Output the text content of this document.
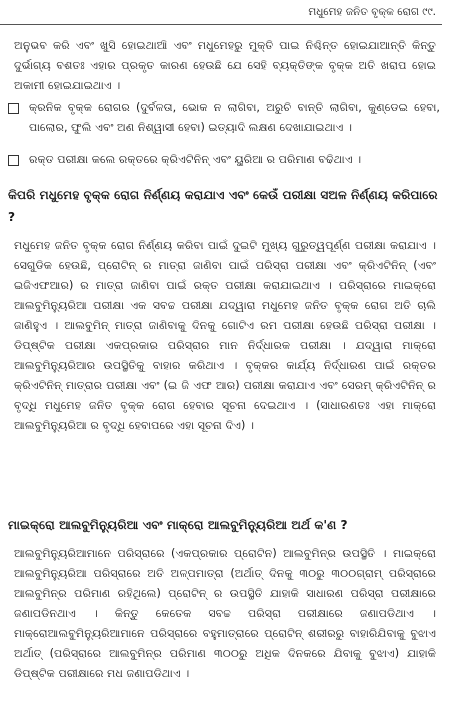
ମଧୁମେହ ଜନିତ ବୃକ୍କ ରୋଗ ୯୯.
ଅନୁଭବ କରି ଏବଂ ଖୁସି ହୋଇଥାଆି ଏବଂ ମଧୁମେହରୁ ମୁକ୍ତି ପାଇ ନିଶ୍ଚିନ୍ତ ହୋଇଯାଆନ୍ତି କିନ୍ତୁ ଦୁର୍ଭାଗ୍ୟ ବଶତଃ ଏହାର ପ୍ରକୃତ କାରଣ ହେଉଛି ଯେ ସେହି ବ୍ୟକ୍ତିଙ୍କ ବୃକ୍କ ଅତି ଖରାପ ହୋଇ ଅକାମୀ ହୋଇଯାଇଥାଏ ।
କ୍ରନିକ ବୃକ୍କ ରୋଗର (ଦୁର୍ବଳତା, ଭୋକ ନ ଲାଗିବା, ଅରୁଚି ବାନ୍ତି ଲାଗିବା, କୁଣ୍ଡେଇ ହେବା, ପାଲୋର, ଫୁଲି ଏବଂ ଅଣ ନିଶ୍ୱାସୀ ହେବା) ଇତ୍ୟାଦି ଲକ୍ଷଣ ଦେଖାଯାଇଥାଏ ।
ରକ୍ତ ପରୀକ୍ଷା କଲେ ରକ୍ତରେ କ୍ରିଏଟିନିନ୍ ଏବଂ ୟୁରିଆ ର ପରିମାଣ ବଢିଥାଏ ।
କିପରି ମଧୁମେହ ବୃକ୍କ ରୋଗ ନିର୍ଣ୍ଣୟ କରାଯାଏ ଏବଂ କେଉଁ ପରୀକ୍ଷା ସଅଳ ନିର୍ଣ୍ଣୟ କରିପାରେ ?
ମଧୁମେହ ଜନିତ ବୃକ୍କ ରୋଗ ନିର୍ଣ୍ଣୟ କରିବା ପାଇଁ ଦୁଇଟି ମୁଖ୍ୟ ଗୁରୁତ୍ୱପୂର୍ଣ୍ଣ ପରୀକ୍ଷା କରାଯାଏ । ସେଗୁଡିକ ହେଉଛି, ପ୍ରୋଟିନ୍ ର ମାତ୍ରା ଜାଣିବା ପାଇଁ ପରିସ୍ରା ପରୀକ୍ଷା ଏବଂ କ୍ରିଏଟିନିନ୍ (ଏବଂ ଇଜିଏଫଆର) ର ମାତ୍ରା ଜାଣିବା ପାଇଁ ରକ୍ତ ପରୀକ୍ଷା କରାଯାଇଥାଏ । ପରିସ୍ରାରେ ମାଇକ୍ରୋ ଆଲବୁମିନ୍ୟୁରିଆ ପରୀକ୍ଷା ଏକ ସବଚ୍ଚ ପରୀକ୍ଷା ଯଦ୍ୱାରା ମଧୁମେହ ଜନିତ ବୃକ୍କ ରୋଗ ଅତି ଚାଲି ଜାଣିହୁଏ । ଆଲବୁମିନ୍ ମାତ୍ରା ଜାଣିବାକୁ ଦିନକୁ ଗୋଟିଏ ରମ ପରୀକ୍ଷା ହେଉଛି ପରିସ୍ରା ପରୀକ୍ଷା । ଡିପ୍‌ଷ୍ଟିକ ପରୀକ୍ଷା ଏକପ୍ରକାର ପରିସ୍ରାର ମାନ ନିର୍ଦ୍ଧାରକ ପରୀକ୍ଷା । ଯଦ୍ୱାରା ମାକ୍ରୋ ଆଲବୁମିନ୍ୟୁରିଆର ଉପସ୍ଥିତିକୁ ବାହାର କରିଥାଏ । ବୃକ୍କର କାର୍ଯ୍ୟ ନିର୍ଦ୍ଧାରଣ ପାଇଁ ରକ୍ତର କ୍ରିଏଟିନିନ୍ ମାତ୍ରାର ପରୀକ୍ଷା ଏବଂ (ଇ ଜି ଏଫ ଆର) ପରୀକ୍ଷା କରାଯାଏ ଏବଂ ସେରମ୍ କ୍ରିଏଟିନିନ୍ ର ବୃଦ୍ଧି ମଧୁମେହ ଜନିତ ବୃକ୍କ ରୋଗ ହେବାର ସୂଚନା ଦେଇଥାଏ । (ସାଧାରଣତଃ ଏହା ମାକ୍ରୋ ଆଲବୁମିନ୍ୟୁରିଆ ର ବୃଦ୍ଧି ହେବାପରେ ଏହା ସୂଚନା ଦିଏ) ।
ମାଇକ୍ରୋ ଆଲବୁମିନ୍ୟୁରିଆ ଏବଂ ମାକ୍ରୋ ଆଲବୁମିନ୍ୟୁରିଆ ଅର୍ଥ କ'ଣ ?
ଆଲବୁମିନ୍ୟୁରିଆମାନେ ପରିସ୍ରାରେ (ଏକପ୍ରକାର ପ୍ରୋଟିନ) ଆଲବୁମିନ୍‌ର ଉପସ୍ଥିତି । ମାଇକ୍ରୋ ଆଲବୁମିନ୍ୟୁରିଆ ପରିସ୍ରାରେ ଅତି ଅଳ୍ପମାତ୍ରା (ଅର୍ଥାତ୍ ଦିନକୁ ୩୦ରୁ ୩୦୦ଗ୍ରାମ୍ ପରିସ୍ରାରେ ଆଲବୁମିନ୍‌ର ପରିମାଣ ରହିଥିଲେ) ପ୍ରୋଟିନ୍ ର ଉପସ୍ଥିତି ଯାହାକି ସାଧାରଣ ପରିସ୍ରା ପରୀକ୍ଷାରେ ଜଣାପଡିନଥାଏ । କିନ୍ତୁ କେତେକ ସବଚ୍ଚ ପରିସ୍ରା ପରୀକ୍ଷାରେ ଜଣାପଡିଥାଏ । ମାକ୍ରୋଆଲବୁମିନ୍ୟୁରିଆମାନେ ପରିସ୍ରାରେ ବହୁମାତ୍ରାରେ ପ୍ରୋଟିନ୍ ଶରୀରରୁ ବାହାରିଯିବାକୁ ବୁଝାଏ ଅର୍ଥାତ୍ (ପରିସ୍ରାରେ ଆଲବୁମିନ୍‌ର ପରିମାଣ ୩୦୦ରୁ ଅଧିକ ଦିନକରେ ଯିବାକୁ ବୁଝାଏ) ଯାହାକି ଡିପ୍‌ଷ୍ଟିକ ପରୀକ୍ଷାରେ ମଧ ଜଣାପଡିଥାଏ ।
